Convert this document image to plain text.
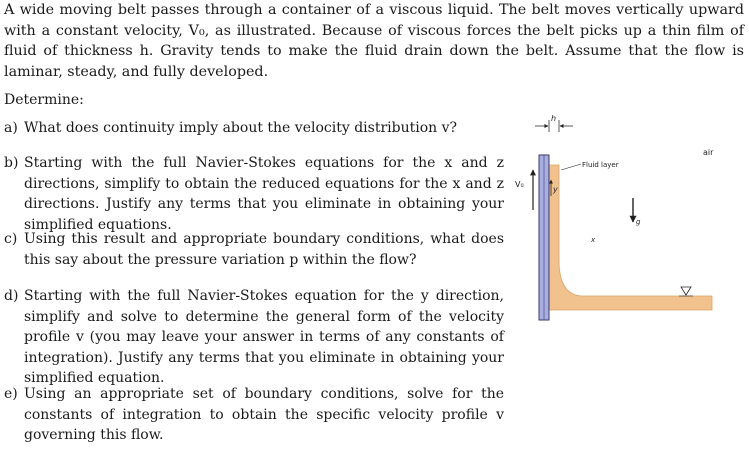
A wide moving belt passes through a container of a viscous liquid. The belt moves vertically upward with a constant velocity, V₀, as illustrated. Because of viscous forces the belt picks up a thin film of fluid of thickness h. Gravity tends to make the fluid drain down the belt. Assume that the flow is laminar, steady, and fully developed.
Determine:
a) What does continuity imply about the velocity distribution v?
b) Starting with the full Navier-Stokes equations for the x and z directions, simplify to obtain the reduced equations for the x and z directions. Justify any terms that you eliminate in obtaining your simplified equations.
c) Using this result and appropriate boundary conditions, what does this say about the pressure variation p within the flow?
d) Starting with the full Navier-Stokes equation for the y direction, simplify and solve to determine the general form of the velocity profile v (you may leave your answer in terms of any constants of integration). Justify any terms that you eliminate in obtaining your simplified equation.
e) Using an appropriate set of boundary conditions, solve for the constants of integration to obtain the specific velocity profile v governing this flow.
h
V₀
y
x
Fluid layer
air
g
